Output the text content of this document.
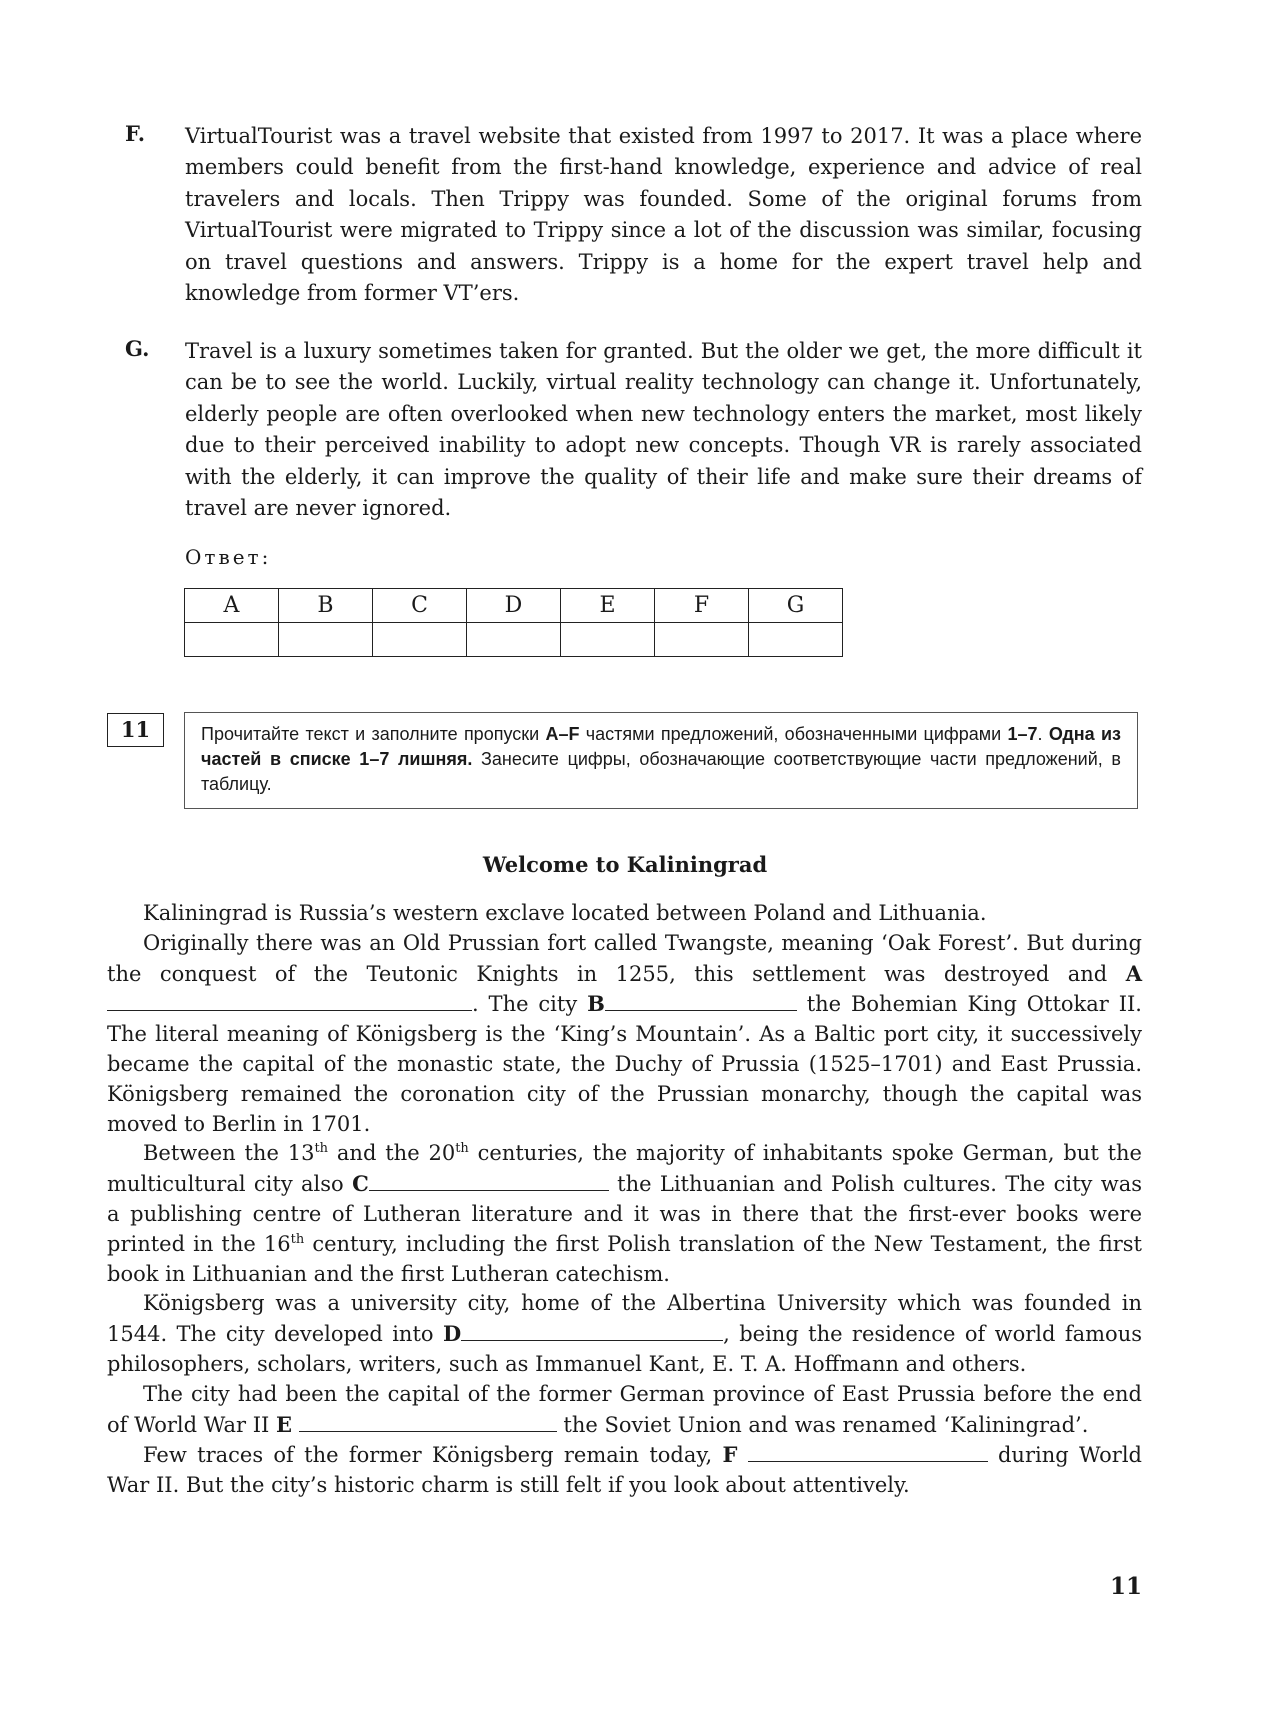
F. VirtualTourist was a travel website that existed from 1997 to 2017. It was a place where members could benefit from the first-hand knowledge, experience and advice of real travelers and locals. Then Trippy was founded. Some of the original forums from VirtualTourist were migrated to Trippy since a lot of the discussion was similar, focusing on travel questions and answers. Trippy is a home for the expert travel help and knowledge from former VT’ers.
G. Travel is a luxury sometimes taken for granted. But the older we get, the more difficult it can be to see the world. Luckily, virtual reality technology can change it. Unfortunately, elderly people are often overlooked when new technology enters the market, most likely due to their perceived inability to adopt new concepts. Though VR is rarely associated with the elderly, it can improve the quality of their life and make sure their dreams of travel are never ignored.
Ответ:
A	B	C	D	E	F	G

11	Прочитайте текст и заполните пропуски A–F частями предложений, обозначенными цифрами 1–7. Одна из частей в списке 1–7 лишняя. Занесите цифры, обозначающие соответствующие части предложений, в таблицу.
Welcome to Kaliningrad

Kaliningrad is Russia’s western exclave located between Poland and Lithuania.

Originally there was an Old Prussian fort called Twangste, meaning ‘Oak Forest’. But during the conquest of the Teutonic Knights in 1255, this settlement was destroyed and A. The city B	the Bohemian King Ottokar II. The literal meaning of Königsberg is the ‘King’s Mountain’. As a Baltic port city, it successively became the capital of the monastic state, the Duchy of Prussia (1525–1701) and East Prussia. Königsberg remained the coronation city of the Prussian monarchy, though the capital was moved to Berlin in 1701.

Between the 13th and the 20th centuries, the majority of inhabitants spoke German, but the multicultural city also C	the Lithuanian and Polish cultures. The city was a publishing centre of Lutheran literature and it was in there that the first-ever books were printed in the 16th century, including the first Polish translation of the New Testament, the first book in Lithuanian and the first Lutheran catechism.

Königsberg was a university city, home of the Albertina University which was founded in 1544. The city developed into D	, being the residence of world famous philosophers, scholars, writers, such as Immanuel Kant, E. T. A. Hoffmann and others.

The city had been the capital of the former German province of East Prussia before the end of World War II E	the Soviet Union and was renamed ‘Kaliningrad’.

Few traces of the former Königsberg remain today, F	during World War II. But the city’s historic charm is still felt if you look about attentively.

11
